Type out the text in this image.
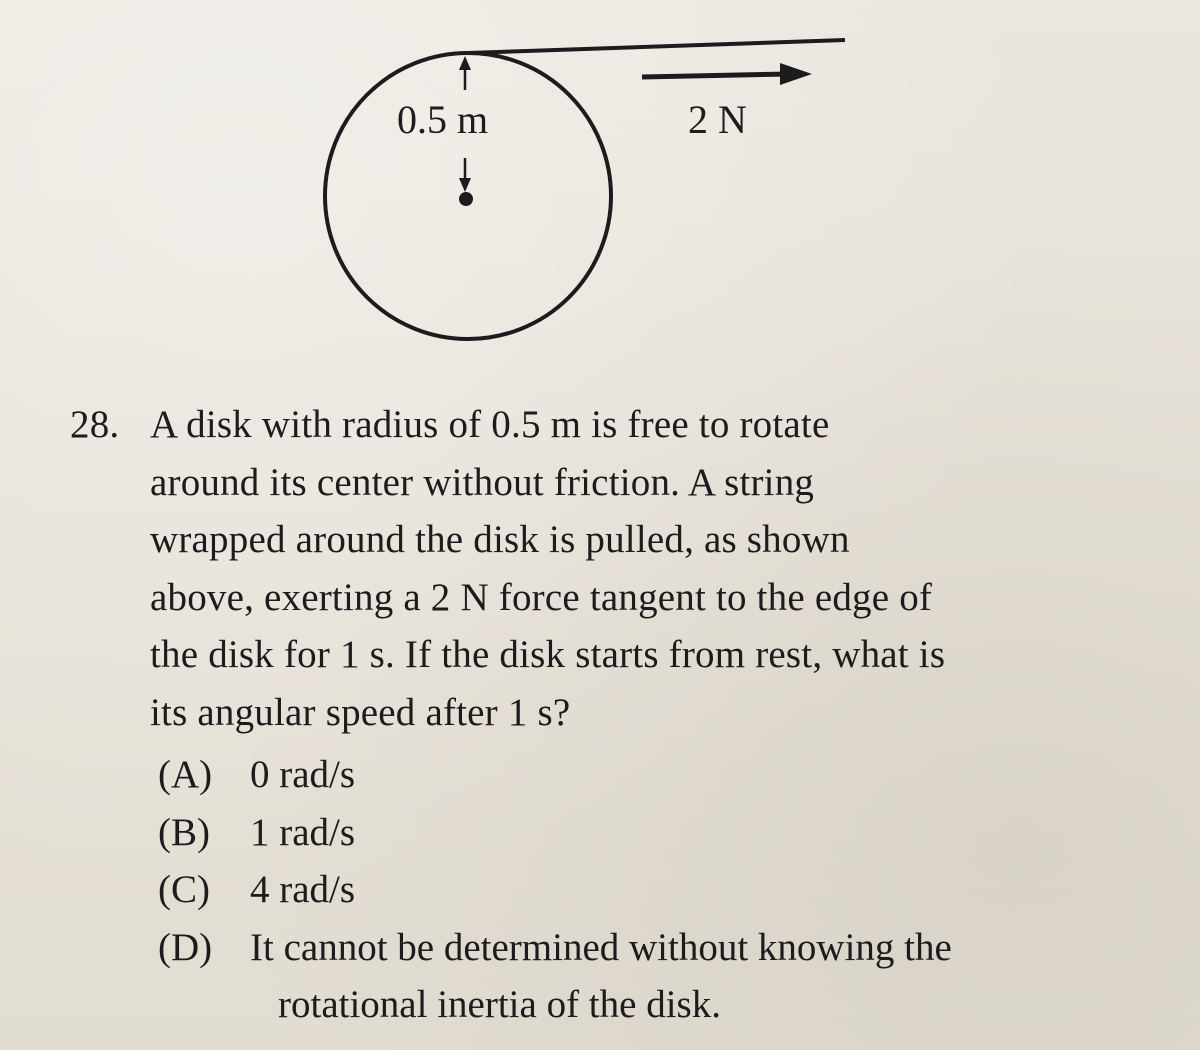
0.5 m	2 N
28. A disk with radius of 0.5 m is free to rotate
around its center without friction. A string
wrapped around the disk is pulled, as shown
above, exerting a 2 N force tangent to the edge of
the disk for 1 s. If the disk starts from rest, what is
its angular speed after 1 s?
(A) 0 rad/s
(B) 1 rad/s
(C) 4 rad/s
(D) It cannot be determined without knowing the
rotational inertia of the disk.
